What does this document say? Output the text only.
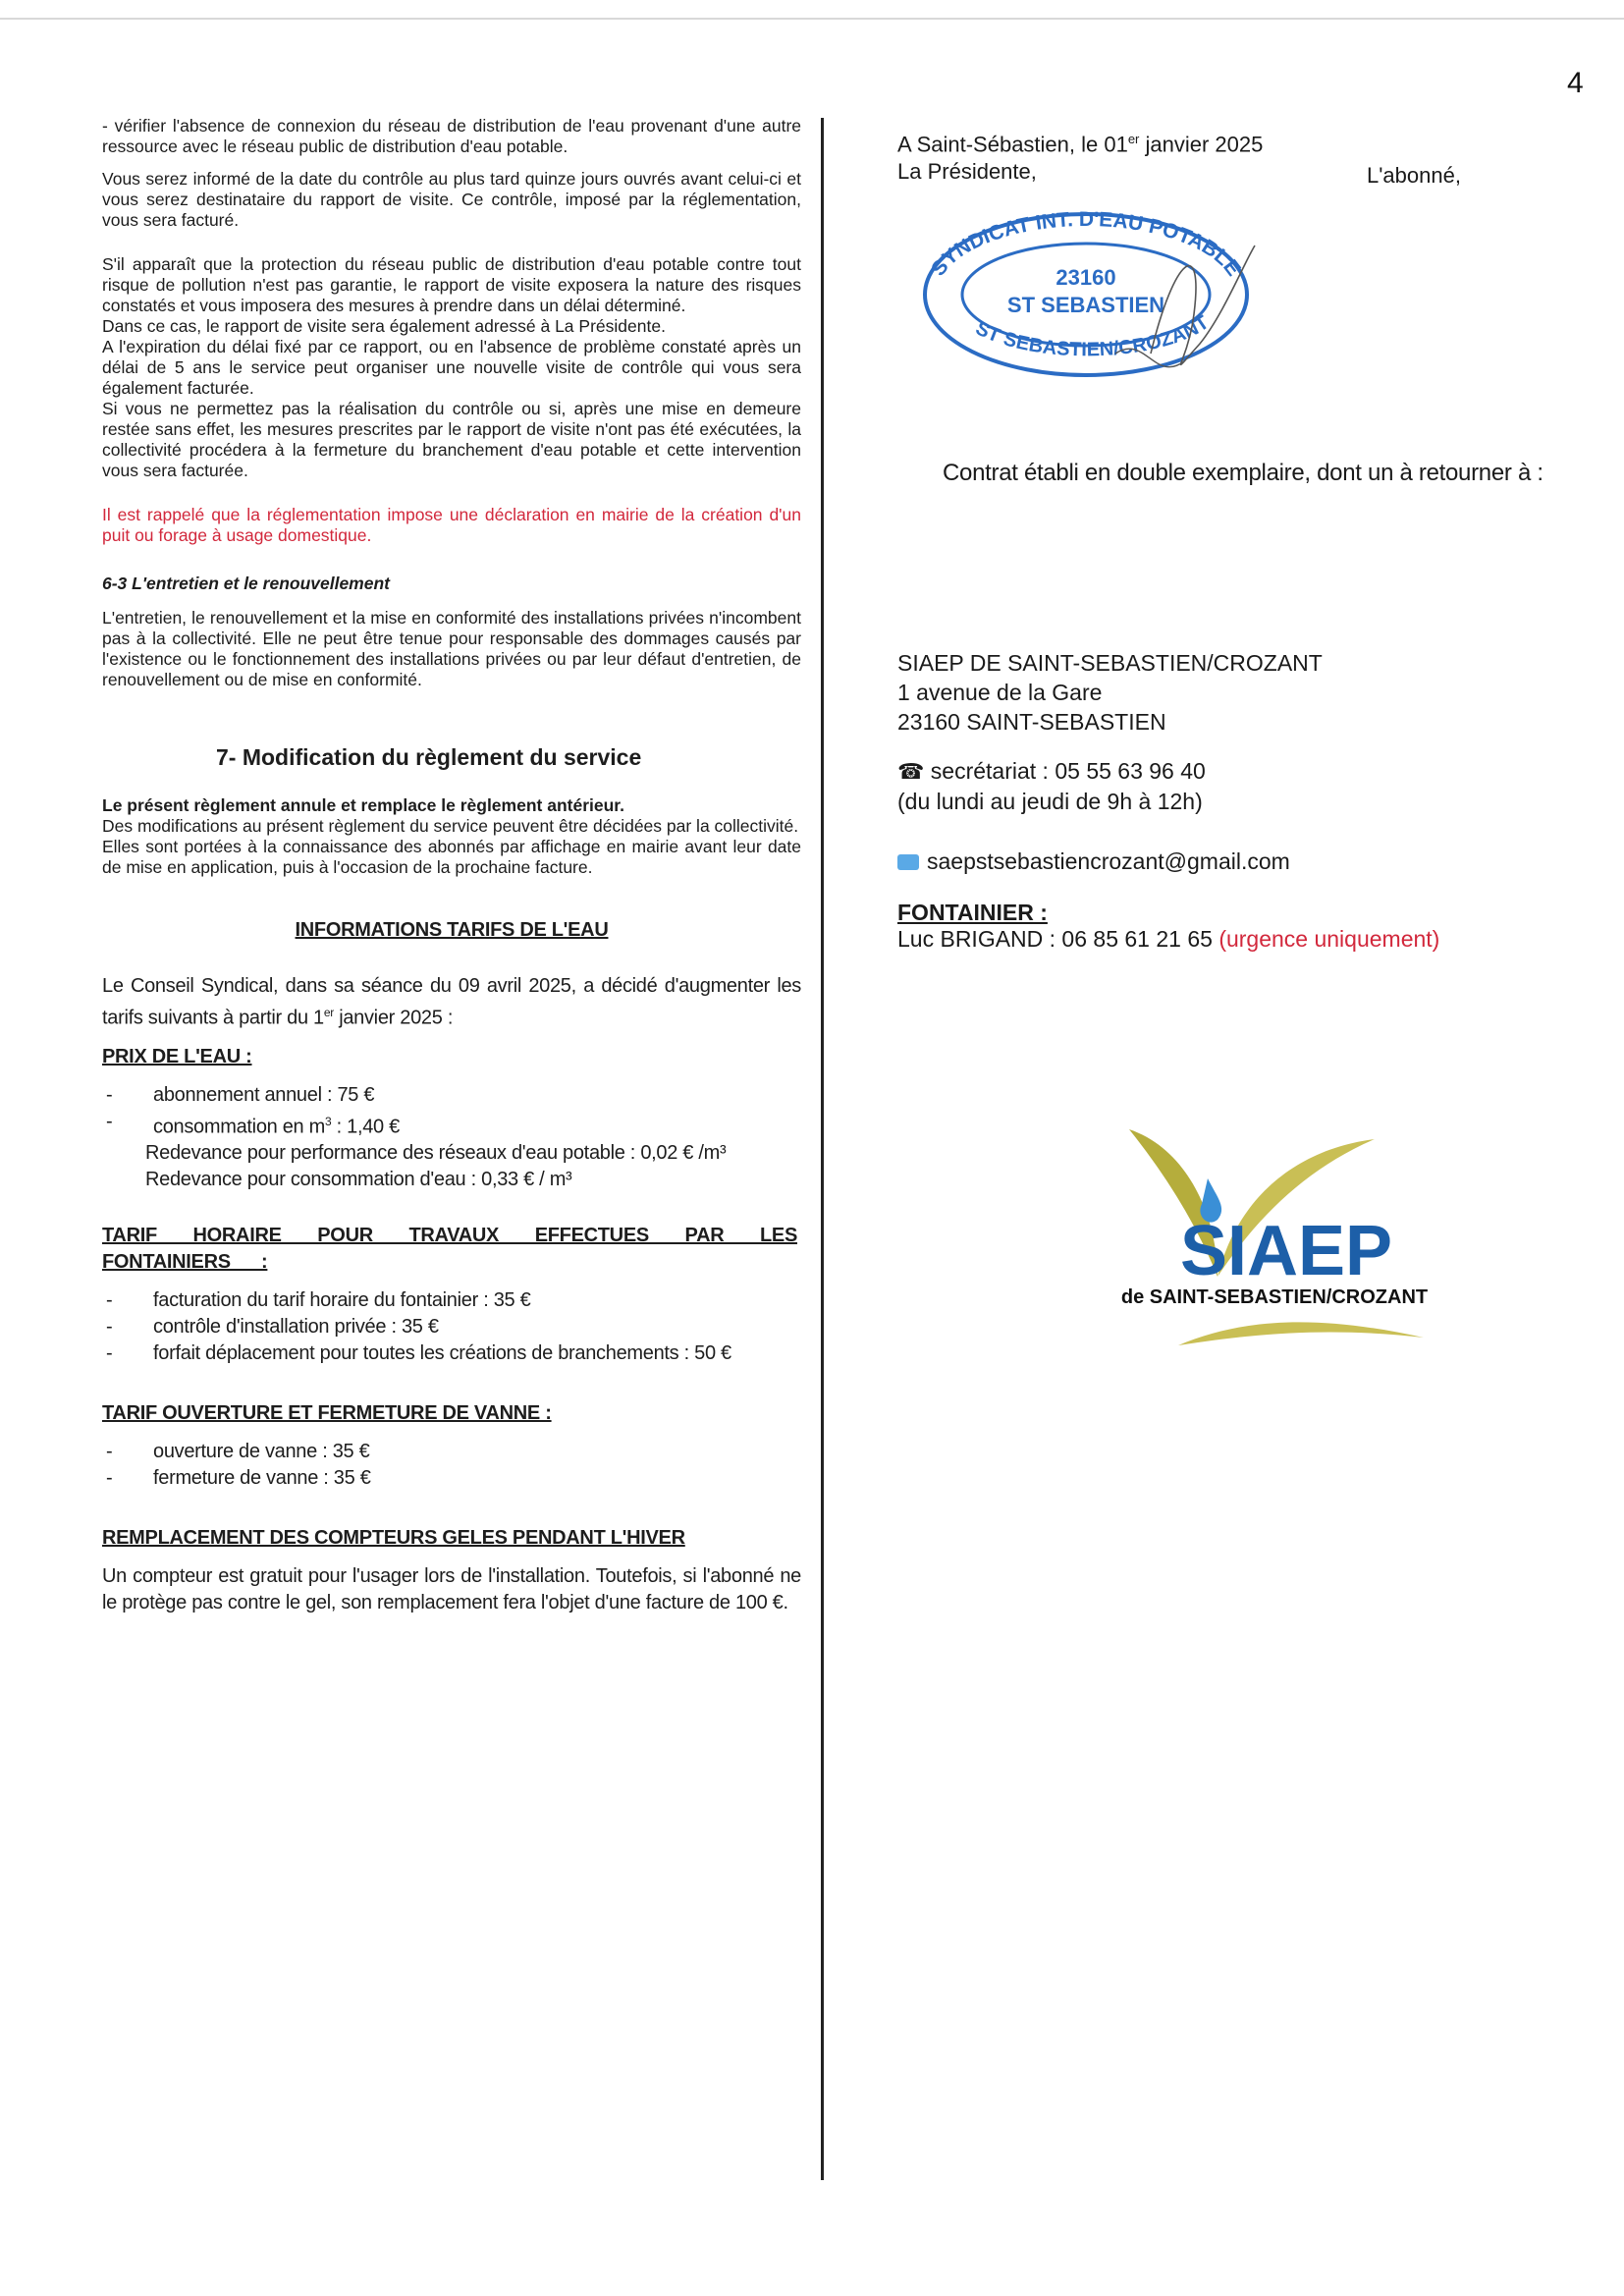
4

- vérifier l'absence de connexion du réseau de distribution de l'eau provenant d'une autre ressource avec le réseau public de distribution d'eau potable.

Vous serez informé de la date du contrôle au plus tard quinze jours ouvrés avant celui-ci et vous serez destinataire du rapport de visite. Ce contrôle, imposé par la réglementation, vous sera facturé.

S'il apparaît que la protection du réseau public de distribution d'eau potable contre tout risque de pollution n'est pas garantie, le rapport de visite exposera la nature des risques constatés et vous imposera des mesures à prendre dans un délai déterminé.

Dans ce cas, le rapport de visite sera également adressé à La Présidente.

A l'expiration du délai fixé par ce rapport, ou en l'absence de problème constaté après un délai de 5 ans le service peut organiser une nouvelle visite de contrôle qui vous sera également facturée.

Si vous ne permettez pas la réalisation du contrôle ou si, après une mise en demeure restée sans effet, les mesures prescrites par le rapport de visite n'ont pas été exécutées, la collectivité procédera à la fermeture du branchement d'eau potable et cette intervention vous sera facturée.

Il est rappelé que la réglementation impose une déclaration en mairie de la création d'un puit ou forage à usage domestique.

6-3 L'entretien et le renouvellement

L'entretien, le renouvellement et la mise en conformité des installations privées n'incombent pas à la collectivité. Elle ne peut être tenue pour responsable des dommages causés par l'existence ou le fonctionnement des installations privées ou par leur défaut d'entretien, de renouvellement ou de mise en conformité.

7- Modification du règlement du service

Le présent règlement annule et remplace le règlement antérieur.

Des modifications au présent règlement du service peuvent être décidées par la collectivité.

Elles sont portées à la connaissance des abonnés par affichage en mairie avant leur date de mise en application, puis à l'occasion de la prochaine facture.

INFORMATIONS TARIFS DE L'EAU

Le Conseil Syndical, dans sa séance du 09 avril 2025, a décidé d'augmenter les tarifs suivants à partir du 1er janvier 2025 :

PRIX DE L'EAU :

- abonnement annuel : 75 €
- consommation en $m^3$ : 1,40 €
Redevance pour performance des réseaux d'eau potable : 0,02 € /m³
Redevance pour consommation d'eau : 0,33 € / m³

TARIF HORAIRE POUR TRAVAUX EFFECTUES PAR LES FONTAINIERS :

- facturation du tarif horaire du fontainier : 35 €
- contrôle d'installation privée : 35 €
- forfait déplacement pour toutes les créations de branchements : 50 €

TARIF OUVERTURE ET FERMETURE DE VANNE :

- ouverture de vanne : 35 €
- fermeture de vanne : 35 €

REMPLACEMENT DES COMPTEURS GELES PENDANT L'HIVER

Un compteur est gratuit pour l'usager lors de l'installation. Toutefois, si l'abonné ne le protège pas contre le gel, son remplacement fera l'objet d'une facture de 100 €.

A Saint-Sébastien, le 01er janvier 2025
La Présidente,	L'abonné,
SYNDICAT INT. D'EAU POTABLE
23160
ST SEBASTIEN
ST SEBASTIEN/CROZANT
Contrat établi en double exemplaire, dont un à retourner à :
SIAEP DE SAINT-SEBASTIEN/CROZANT
1 avenue de la Gare
23160 SAINT-SEBASTIEN
☎ secrétariat : 05 55 63 96 40
(du lundi au jeudi de 9h à 12h)
saepstsebastiencrozant@gmail.com
FONTAINIER :
Luc BRIGAND : 06 85 61 21 65 (urgence uniquement)
SIAEP
de SAINT-SEBASTIEN/CROZANT
